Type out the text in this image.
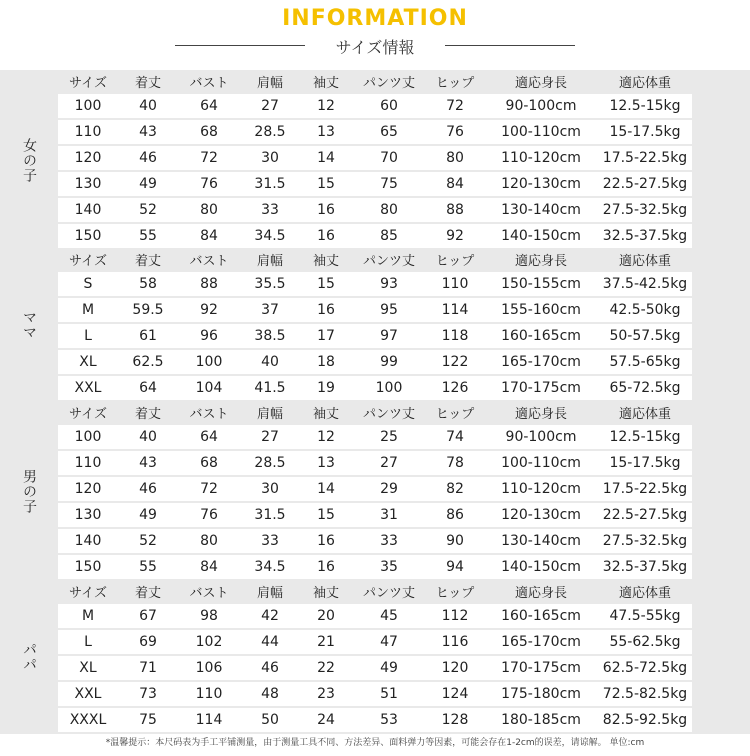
INFORMATION
サイズ情報
女の子
サイズ	着丈	バスト	肩幅	袖丈	パンツ丈	ヒップ	適応身長	適応体重
100	40	64	27	12	60	72	90-100cm	12.5-15kg
110	43	68	28.5	13	65	76	100-110cm	15-17.5kg
120	46	72	30	14	70	80	110-120cm	17.5-22.5kg
130	49	76	31.5	15	75	84	120-130cm	22.5-27.5kg
140	52	80	33	16	80	88	130-140cm	27.5-32.5kg
150	55	84	34.5	16	85	92	140-150cm	32.5-37.5kg
ママ
サイズ	着丈	バスト	肩幅	袖丈	パンツ丈	ヒップ	適応身長	適応体重
S	58	88	35.5	15	93	110	150-155cm	37.5-42.5kg
M	59.5	92	37	16	95	114	155-160cm	42.5-50kg
L	61	96	38.5	17	97	118	160-165cm	50-57.5kg
XL	62.5	100	40	18	99	122	165-170cm	57.5-65kg
XXL	64	104	41.5	19	100	126	170-175cm	65-72.5kg
男の子
サイズ	着丈	バスト	肩幅	袖丈	パンツ丈	ヒップ	適応身長	適応体重
100	40	64	27	12	25	74	90-100cm	12.5-15kg
110	43	68	28.5	13	27	78	100-110cm	15-17.5kg
120	46	72	30	14	29	82	110-120cm	17.5-22.5kg
130	49	76	31.5	15	31	86	120-130cm	22.5-27.5kg
140	52	80	33	16	33	90	130-140cm	27.5-32.5kg
150	55	84	34.5	16	35	94	140-150cm	32.5-37.5kg
パパ
サイズ	着丈	バスト	肩幅	袖丈	パンツ丈	ヒップ	適応身長	適応体重
M	67	98	42	20	45	112	160-165cm	47.5-55kg
L	69	102	44	21	47	116	165-170cm	55-62.5kg
XL	71	106	46	22	49	120	170-175cm	62.5-72.5kg
XXL	73	110	48	23	51	124	175-180cm	72.5-82.5kg
XXXL	75	114	50	24	53	128	180-185cm	82.5-92.5kg
*温馨提示：本尺码表为手工平铺测量，由于测量工具不同、方法差异、面料弹力等因素，可能会存在1-2cm的误差，请谅解。 单位:cm
